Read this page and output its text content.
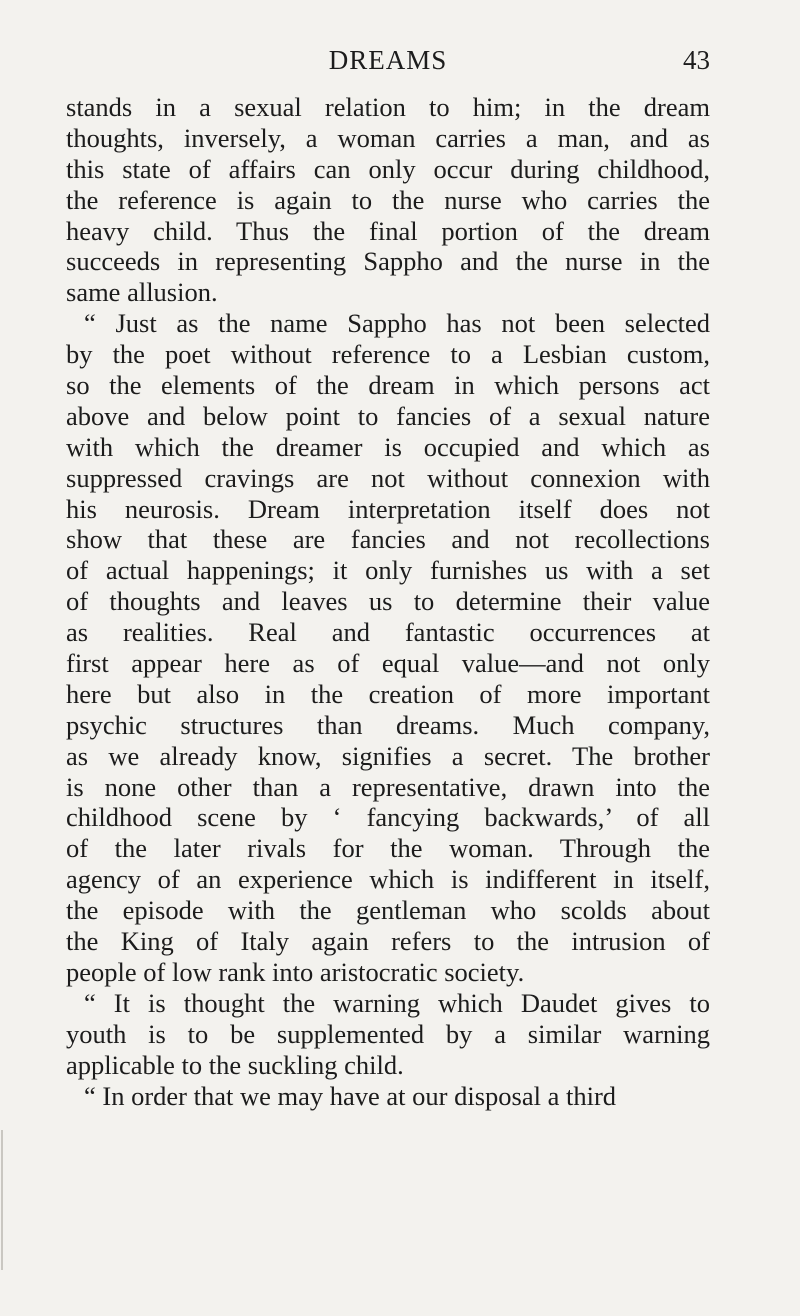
DREAMS	43
stands in a sexual relation to him; in the dream
thoughts, inversely, a woman carries a man, and as
this state of affairs can only occur during childhood,
the reference is again to the nurse who carries the
heavy child. Thus the final portion of the dream
succeeds in representing Sappho and the nurse in the
same allusion.
“ Just as the name Sappho has not been selected
by the poet without reference to a Lesbian custom,
so the elements of the dream in which persons act
above and below point to fancies of a sexual nature
with which the dreamer is occupied and which as
suppressed cravings are not without connexion with
his neurosis. Dream interpretation itself does not
show that these are fancies and not recollections
of actual happenings; it only furnishes us with a set
of thoughts and leaves us to determine their value
as realities. Real and fantastic occurrences at
first appear here as of equal value—and not only
here but also in the creation of more important
psychic structures than dreams. Much company,
as we already know, signifies a secret. The brother
is none other than a representative, drawn into the
childhood scene by ‘ fancying backwards,’ of all
of the later rivals for the woman. Through the
agency of an experience which is indifferent in itself,
the episode with the gentleman who scolds about
the King of Italy again refers to the intrusion of
people of low rank into aristocratic society.
“ It is thought the warning which Daudet gives to
youth is to be supplemented by a similar warning
applicable to the suckling child.
“ In order that we may have at our disposal a third
